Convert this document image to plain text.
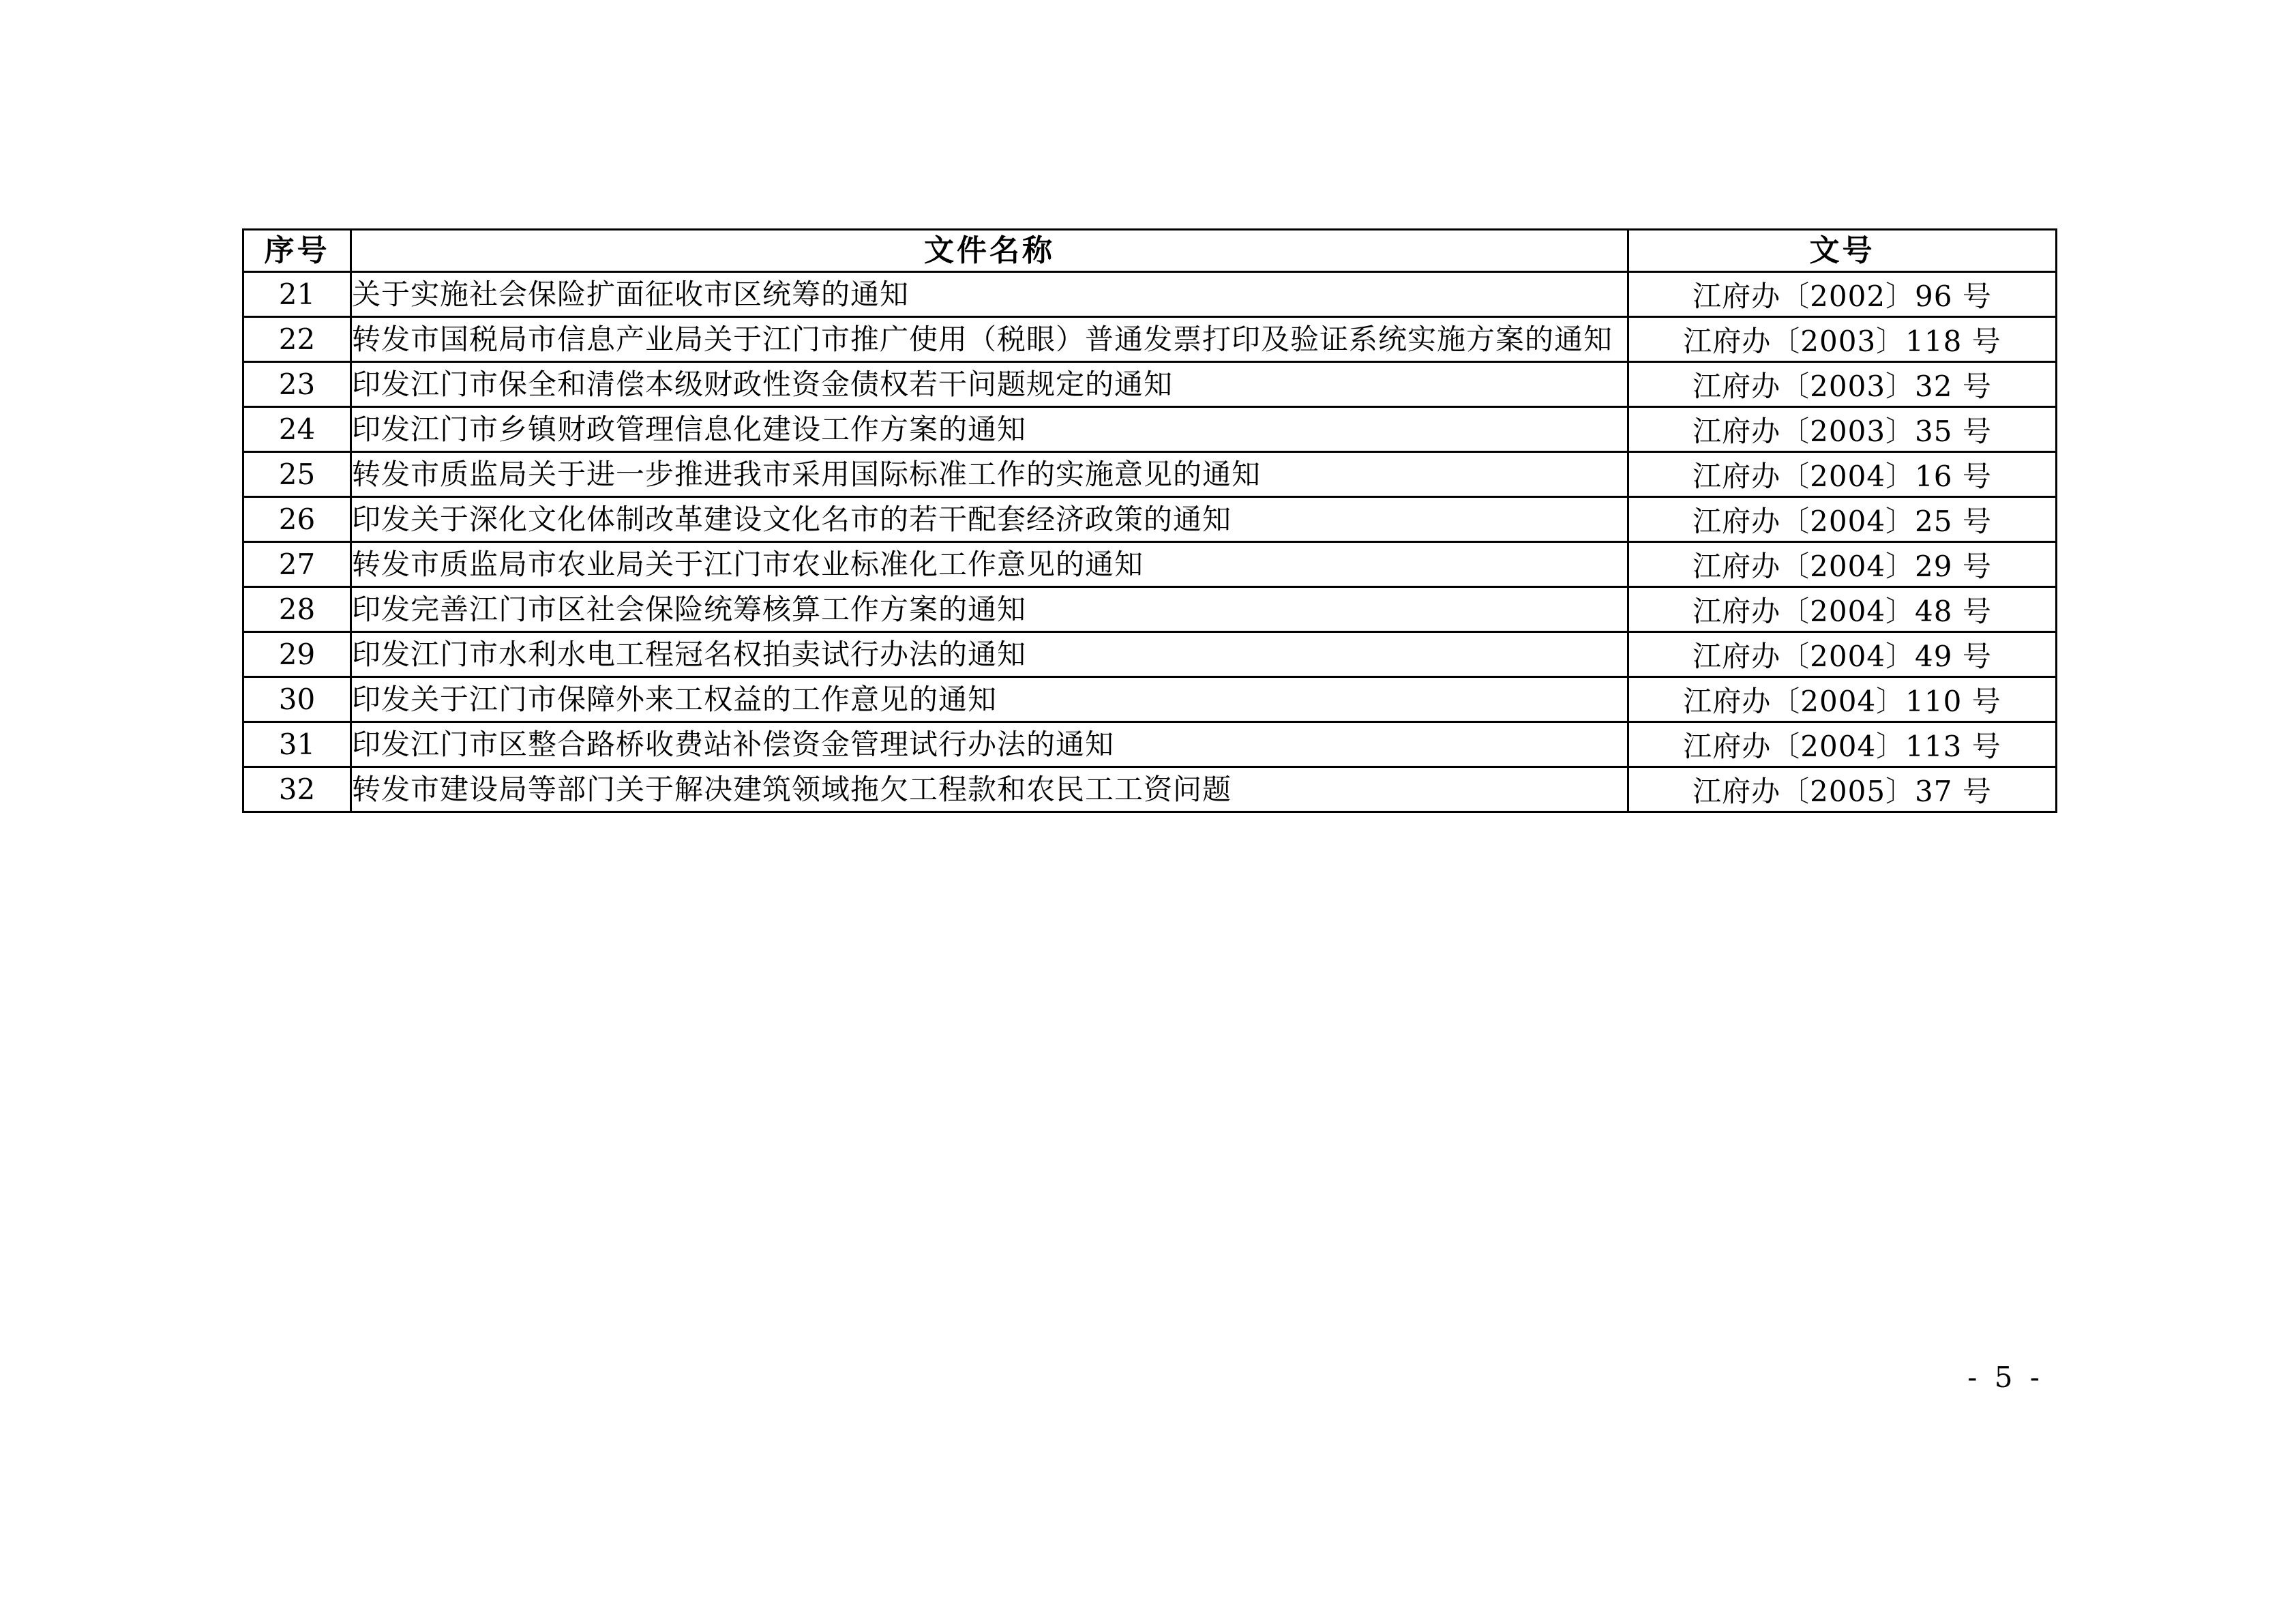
序号	文件名称	文号
21	关于实施社会保险扩面征收市区统筹的通知	江府办〔2002〕96 号
22	转发市国税局市信息产业局关于江门市推广使用（税眼）普通发票打印及验证系统实施方案的通知	江府办〔2003〕118 号
23	印发江门市保全和清偿本级财政性资金债权若干问题规定的通知	江府办〔2003〕32 号
24	印发江门市乡镇财政管理信息化建设工作方案的通知	江府办〔2003〕35 号
25	转发市质监局关于进一步推进我市采用国际标准工作的实施意见的通知	江府办〔2004〕16 号
26	印发关于深化文化体制改革建设文化名市的若干配套经济政策的通知	江府办〔2004〕25 号
27	转发市质监局市农业局关于江门市农业标准化工作意见的通知	江府办〔2004〕29 号
28	印发完善江门市区社会保险统筹核算工作方案的通知	江府办〔2004〕48 号
29	印发江门市水利水电工程冠名权拍卖试行办法的通知	江府办〔2004〕49 号
30	印发关于江门市保障外来工权益的工作意见的通知	江府办〔2004〕110 号
31	印发江门市区整合路桥收费站补偿资金管理试行办法的通知	江府办〔2004〕113 号
32	转发市建设局等部门关于解决建筑领域拖欠工程款和农民工工资问题	江府办〔2005〕37 号
- 5 -
